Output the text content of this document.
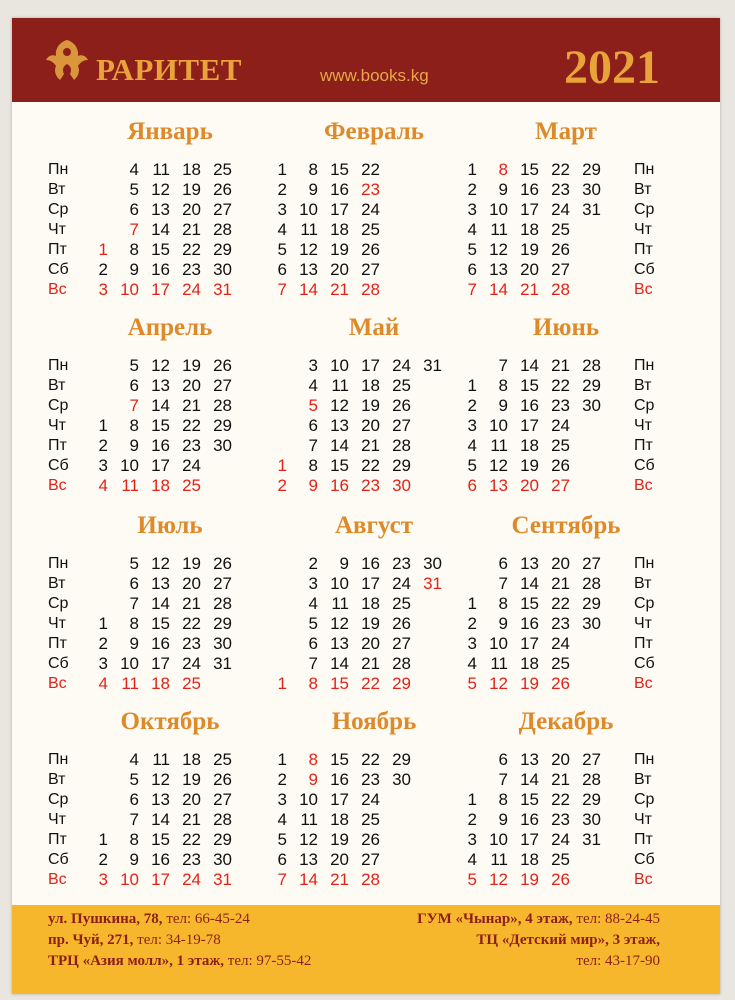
РАРИТЕТ	www.books.kg	2021
Январь

1
2
3
4
5
6
7
8
9
10
11
12
13
14
15
16
17
18
19
20
21
22
23
24
25
26
27
28
29
30
31
Февраль
1
2
3
4
5
6
7
8
9
10
11
12
13
14
15
16
17
18
19
20
21
22
23
24
25
26
27
28
Март
1
2
3
4
5
6
7
8
9
10
11
12
13
14
15
16
17
18
19
20
21
22
23
24
25
26
27
28
29
30
31

Апрель

1
2
3
4
5
6
7
8
9
10
11
12
13
14
15
16
17
18
19
20
21
22
23
24
25
26
27
28
29
30

Май

1
2
3
4
5
6
7
8
9
10
11
12
13
14
15
16
17
18
19
20
21
22
23
24
25
26
27
28
29
30
31

Июнь

1
2
3
4
5
6
7
8
9
10
11
12
13
14
15
16
17
18
19
20
21
22
23
24
25
26
27
28
29
30

Июль

1
2
3
4
5
6
7
8
9
10
11
12
13
14
15
16
17
18
19
20
21
22
23
24
25
26
27
28
29
30
31

Август

1
2
3
4
5
6
7
8
9
10
11
12
13
14
15
16
17
18
19
20
21
22
23
24
25
26
27
28
29
30
31

Сентябрь

1
2
3
4
5
6
7
8
9
10
11
12
13
14
15
16
17
18
19
20
21
22
23
24
25
26
27
28
29
30

Октябрь

1
2
3
4
5
6
7
8
9
10
11
12
13
14
15
16
17
18
19
20
21
22
23
24
25
26
27
28
29
30
31
Ноябрь
1
2
3
4
5
6
7
8
9
10
11
12
13
14
15
16
17
18
19
20
21
22
23
24
25
26
27
28
29
30

Декабрь

1
2
3
4
5
6
7
8
9
10
11
12
13
14
15
16
17
18
19
20
21
22
23
24
25
26
27
28
29
30
31

Пн
Вт
Ср
Чт
Пт
Сб
Вс
Пн
Вт
Ср
Чт
Пт
Сб
Вс
Пн
Вт
Ср
Чт
Пт
Сб
Вс
Пн
Вт
Ср
Чт
Пт
Сб
Вс
Пн
Вт
Ср
Чт
Пт
Сб
Вс
Пн
Вт
Ср
Чт
Пт
Сб
Вс
Пн
Вт
Ср
Чт
Пт
Сб
Вс
Пн
Вт
Ср
Чт
Пт
Сб
Вс
ул. Пушкина, 78, тел: 66-45-24
пр. Чуй, 271, тел: 34-19-78
ТРЦ «Азия молл», 1 этаж, тел: 97-55-42
ГУМ «Чынар», 4 этаж, тел: 88-24-45
ТЦ «Детский мир», 3 этаж,
тел: 43-17-90
